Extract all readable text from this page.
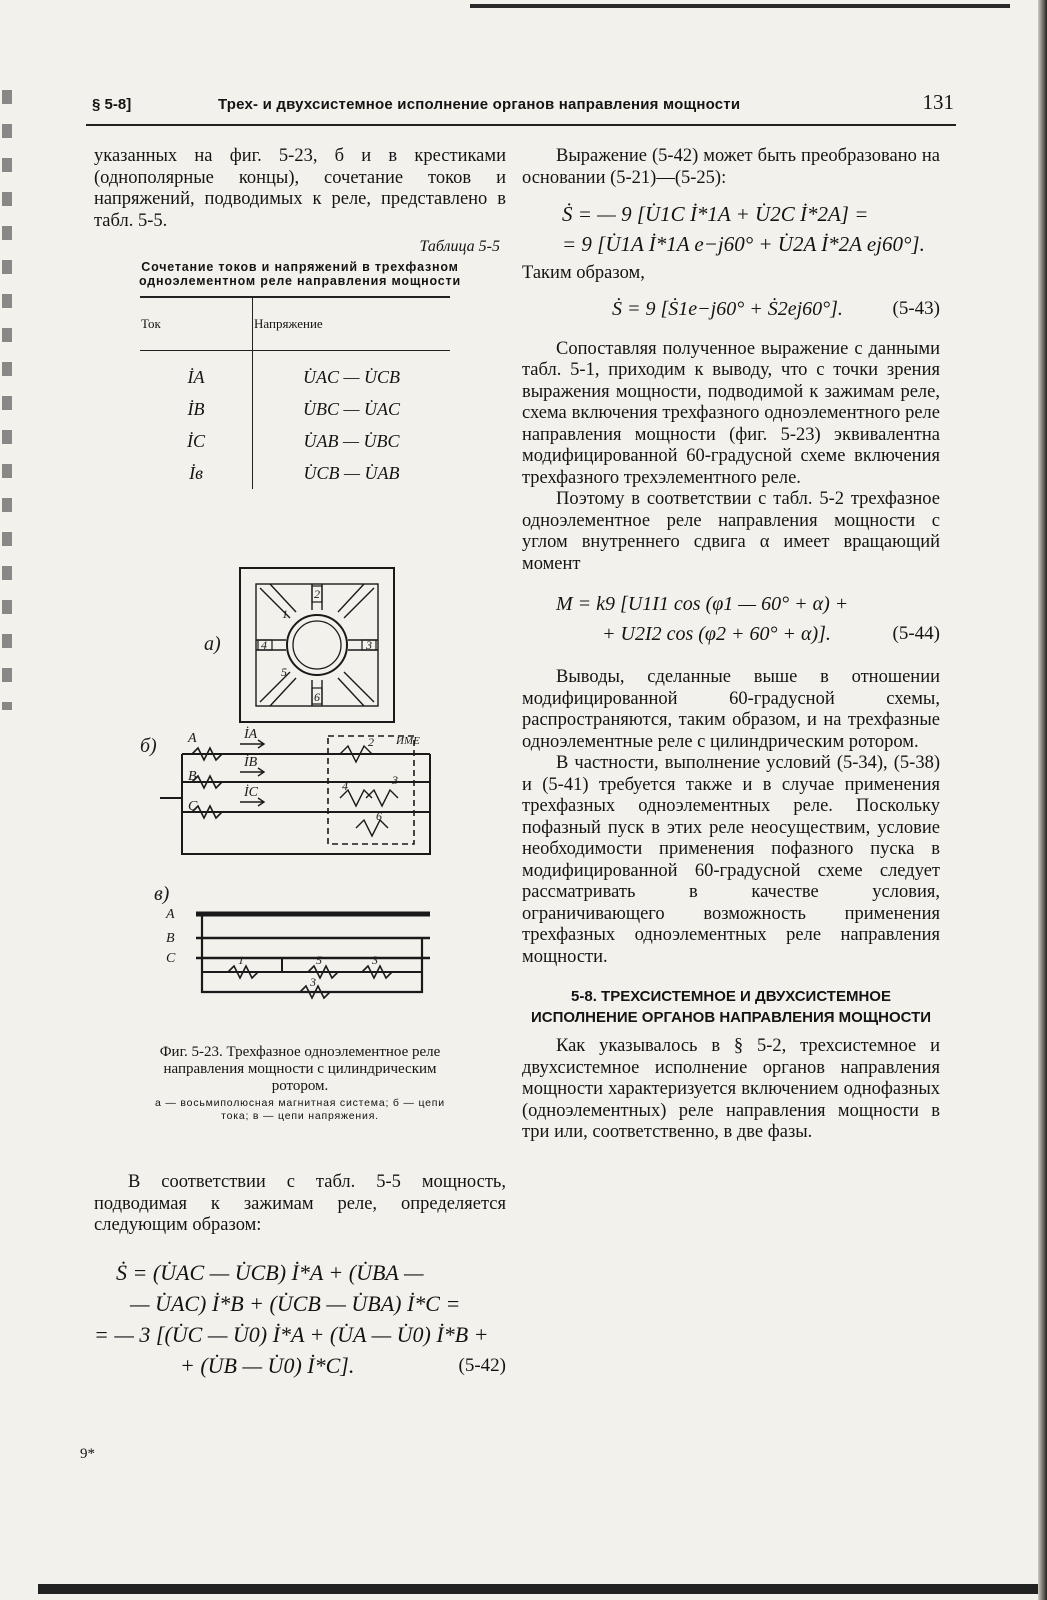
§ 5-8]	Трех- и двухсистемное исполнение органов направления мощности	131

указанных на фиг. 5-23, б и в крестиками (однополярные концы), сочетание токов и напряжений, подводимых к реле, представлено в табл. 5-5.

Таблица 5-5
Сочетание токов и напряжений в трехфазном одноэлементном реле направления мощности
Ток	Напряжение
İA	U̇AC — U̇CB
İB	U̇BC — U̇AC
İC	U̇AB — U̇BC
İв	U̇CB — U̇AB
2
4	3
6
1
5
а)
б) A
B
C
İA
İB
İC
ИМЕ
2
4	3
6
в)
A
B
C	1	5	3
3
Фиг. 5-23. Трехфазное одноэлементное реле направления мощности с цилиндрическим ротором.
а — восьмиполюсная магнитная система; б — цепи тока; в — цепи напряжения.

В соответствии с табл. 5-5 мощность, подводимая к зажимам реле, определяется следующим образом:

Ṡ = (U̇AC — U̇CB) İ*A + (U̇BA —
— U̇AC) İ*B + (U̇CB — U̇BA) İ*C =
= — 3 [(U̇C — U̇0) İ*A + (U̇A — U̇0) İ*B +
+ (U̇B — U̇0) İ*C].	(5-42)
9*

Выражение (5-42) может быть преобразовано на основании (5-21)—(5-25):

Ṡ = — 9 [U̇1C İ*1A + U̇2C İ*2A] =
= 9 [U̇1A İ*1A e−j60° + U̇2A İ*2A ej60°].

Таким образом,

Ṡ = 9 [Ṡ1e−j60° + Ṡ2ej60°].	(5-43)

Сопоставляя полученное выражение с данными табл. 5-1, приходим к выводу, что с точки зрения выражения мощности, подводимой к зажимам реле, схема включения трехфазного одноэлементного реле направления мощности (фиг. 5-23) эквивалентна модифицированной 60-градусной схеме включения трехфазного трехэлементного реле.

Поэтому в соответствии с табл. 5-2 трехфазное одноэлементное реле направления мощности с углом внутреннего сдвига α имеет вращающий момент

M = k9 [U1I1 cos (φ1 — 60° + α) +
+ U2I2 cos (φ2 + 60° + α)].	(5-44)

Выводы, сделанные выше в отношении модифицированной 60-градусной схемы, распространяются, таким образом, и на трехфазные одноэлементные реле с цилиндрическим ротором.

В частности, выполнение условий (5-34), (5-38) и (5-41) требуется также и в случае применения трехфазных одноэлементных реле. Поскольку пофазный пуск в этих реле неосуществим, условие необходимости применения пофазного пуска в модифицированной 60-градусной схеме следует рассматривать в качестве условия, ограничивающего возможность применения трехфазных одноэлементных реле направления мощности.

5-8. ТРЕХСИСТЕМНОЕ И ДВУХСИСТЕМНОЕ ИСПОЛНЕНИЕ ОРГАНОВ НАПРАВЛЕНИЯ МОЩНОСТИ

Как указывалось в § 5-2, трехсистемное и двухсистемное исполнение органов направления мощности характеризуется включением однофазных (одноэлементных) реле направления мощности в три или, соответственно, в две фазы.
